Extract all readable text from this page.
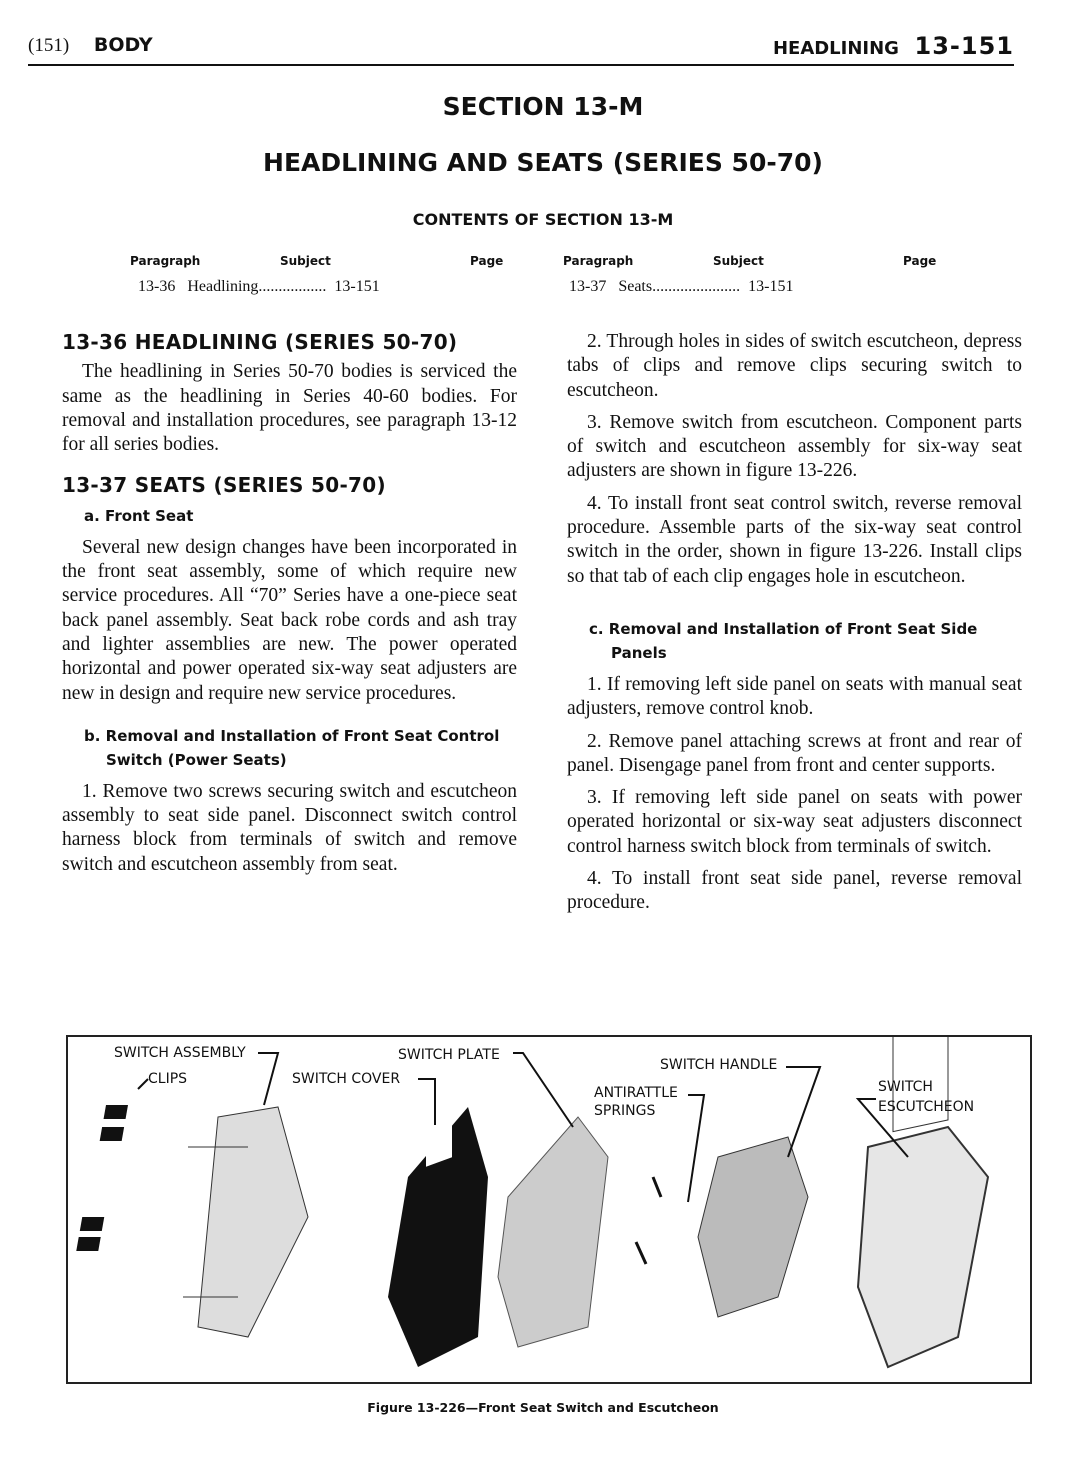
(151) BODY	HEADLINING 13-151
SECTION 13-M
HEADLINING AND SEATS (SERIES 50-70)
CONTENTS OF SECTION 13-M
Paragraph	Subject	Page
13-36 Headlining................. 13-151
Paragraph	Subject	Page
13-37 Seats...................... 13-151
13-36 HEADLINING (SERIES 50-70)

The headlining in Series 50-70 bodies is serviced the same as the headlining in Series 40-60 bodies. For removal and installation procedures, see paragraph 13-12 for all series bodies.

13-37 SEATS (SERIES 50-70)
a. Front Seat

Several new design changes have been incorporated in the front seat assembly, some of which require new service procedures. All “70” Series have a one-piece seat back panel assembly. Seat back robe cords and ash tray and lighter assemblies are new. The power operated horizontal and power operated six-way seat adjusters are new in design and require new service procedures.

b. Removal and Installation of Front Seat Control Switch (Power Seats)

1. Remove two screws securing switch and escutcheon assembly to seat side panel. Disconnect switch control harness block from terminals of switch and remove switch and escutcheon assembly from seat.

2. Through holes in sides of switch escutcheon, depress tabs of clips and remove clips securing switch to escutcheon.

3. Remove switch from escutcheon. Component parts of switch and escutcheon assembly for six-way seat adjusters are shown in figure 13-226.

4. To install front seat control switch, reverse removal procedure. Assemble parts of the six-way seat control switch in the order, shown in figure 13-226. Install clips so that tab of each clip engages hole in escutcheon.

c. Removal and Installation of Front Seat Side Panels

1. If removing left side panel on seats with manual seat adjusters, remove control knob.

2. Remove panel attaching screws at front and rear of panel. Disengage panel from front and center supports.

3. If removing left side panel on seats with power operated horizontal or six-way seat adjusters disconnect control harness switch block from terminals of switch.

4. To install front seat side panel, reverse removal procedure.

SWITCH ASSEMBLY
CLIPS	SWITCH COVER
SWITCH PLATE
ANTIRATTLE
SPRINGS
SWITCH HANDLE
SWITCH
ESCUTCHEON
Figure 13-226—Front Seat Switch and Escutcheon
